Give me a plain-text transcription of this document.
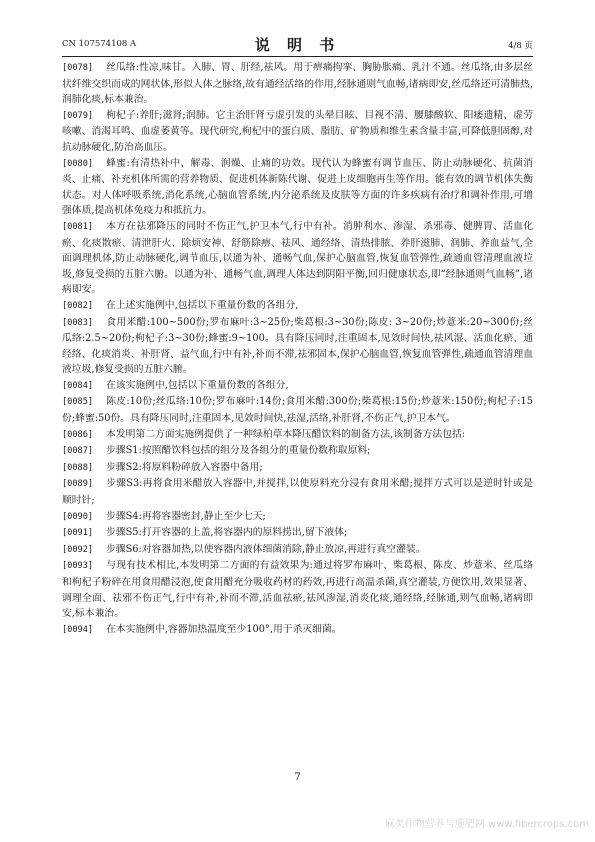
CN 107574108 A	说 明 书	4/8 页

[0078] 丝瓜络:性凉,味甘。入肺、胃、肝经,祛风。用于痹痛拘挛、胸胁胀痛、乳汁不通。丝瓜络,由多层丝状纤维交织而成的网状体,形似人体之脉络,故有通经活络的作用,经脉通则气血畅,诸病即安,丝瓜络还可清肺热,润肺化痰,标本兼治。

[0079] 枸杞子:养肝;滋肾;润肺。它主治肝肾亏虚引发的头晕目眩、目视不清、腰膝酸软、阳痿遗精、虚劳咳嗽、消渴耳鸣、血虚萎黄等。现代研究,枸杞中的蛋白质、脂肪、矿物质和维生素含量丰富,可降低胆固醇,对抗动脉硬化,防治高血压。

[0080] 蜂蜜:有清热补中、解毒、润燥、止痛的功效。现代认为蜂蜜有调节血压、防止动脉硬化、抗菌消炎、止痛、补充机体所需的营养物质、促进机体新陈代谢、促进上皮细胞再生等作用。能有效的调节机体失衡状态。对人体呼吸系统,消化系统,心脑血管系统,内分泌系统及皮肤等方面的许多疾病有治疗和调补作用,可增强体质,提高机体免疫力和抵抗力。

[0081] 本方在祛邪降压的同时不伤正气,护卫本气,行中有补。消肿利水、渗湿、杀邪毒、健脾胃、活血化瘀、化痰散瘀、清泄肝火、除烦安神、舒筋除痹、祛风、通经络、清热排脓、养肝滋肺、润肺、养血益气,全面调理机体,防止动脉硬化,调节血压,以通为补、通畅气血,保护心脑血管,恢复血管弹性,疏通血管清理血液垃圾,修复受损的五脏六腑。以通为补、通畅气血,调理人体达到阴阳平衡,回归健康状态,即“经脉通则气血畅”,诸病即安。

[0082] 在上述实施例中,包括以下重量份数的各组分,

[0083] 食用米醋:100~500份;罗布麻叶:3~25份;柴葛根:3~30份;陈皮: 3~20份;炒薏米:20~300份;丝瓜络:2.5~20份;枸杞子:3~30份;蜂蜜:9~100。具有降压同时,注重固本,见效时间快,祛风湿、活血化瘀、通经络、化痰消炎、补肝肾、益气血,行中有补,补而不滞,祛邪固本,保护心脑血管,恢复血管弹性,疏通血管清理血液垃圾,修复受损的五脏六腑。

[0084] 在该实施例中,包括以下重量份数的各组分,

[0085] 陈皮:10份;丝瓜络:10份;罗布麻叶:14份;食用米醋:300份;柴葛根:15份;炒薏米:150份;枸杞子:15份;蜂蜜:50份。具有降压同时,注重固本,见效时间快,祛湿,活络,补肝肾,不伤正气,护卫本气。

[0086] 本发明第二方面实施例提供了一种绿柏草本降压醋饮料的制备方法,该制备方法包括:

[0087] 步骤S1:按照醋饮料包括的组分及各组分的重量份数称取原料;

[0088] 步骤S2:将原料粉碎放入容器中备用;

[0089] 步骤S3:再将食用米醋放入容器中,并搅拌,以使原料充分浸有食用米醋;搅拌方式可以是逆时针或是顺时针;

[0090] 步骤S4:再将容器密封,静止至少七天;

[0091] 步骤S5:打开容器的上盖,将容器内的原料捞出,留下液体;

[0092] 步骤S6:对容器加热,以使容器内液体细菌消除,静止放凉,再进行真空灌装。

[0093] 与现有技术相比,本发明第二方面的有益效果为:通过将罗布麻叶、柴葛根、陈皮、炒薏米、丝瓜络和枸杞子粉碎在用食用醋浸泡,使食用醋充分吸收药材的药效,再进行高温杀菌,真空灌装,方便饮用,效果显著、调理全面、祛邪不伤正气,行中有补,补而不滞,活血祛瘀,祛风渗湿,消炎化痰,通经络,经脉通,则气血畅,诸病即安,标本兼治。

[0094] 在本实施例中,容器加热温度至少100°,用于杀灭细菌。

7
麻类作物营养与施肥网 www.fibercrops.com
